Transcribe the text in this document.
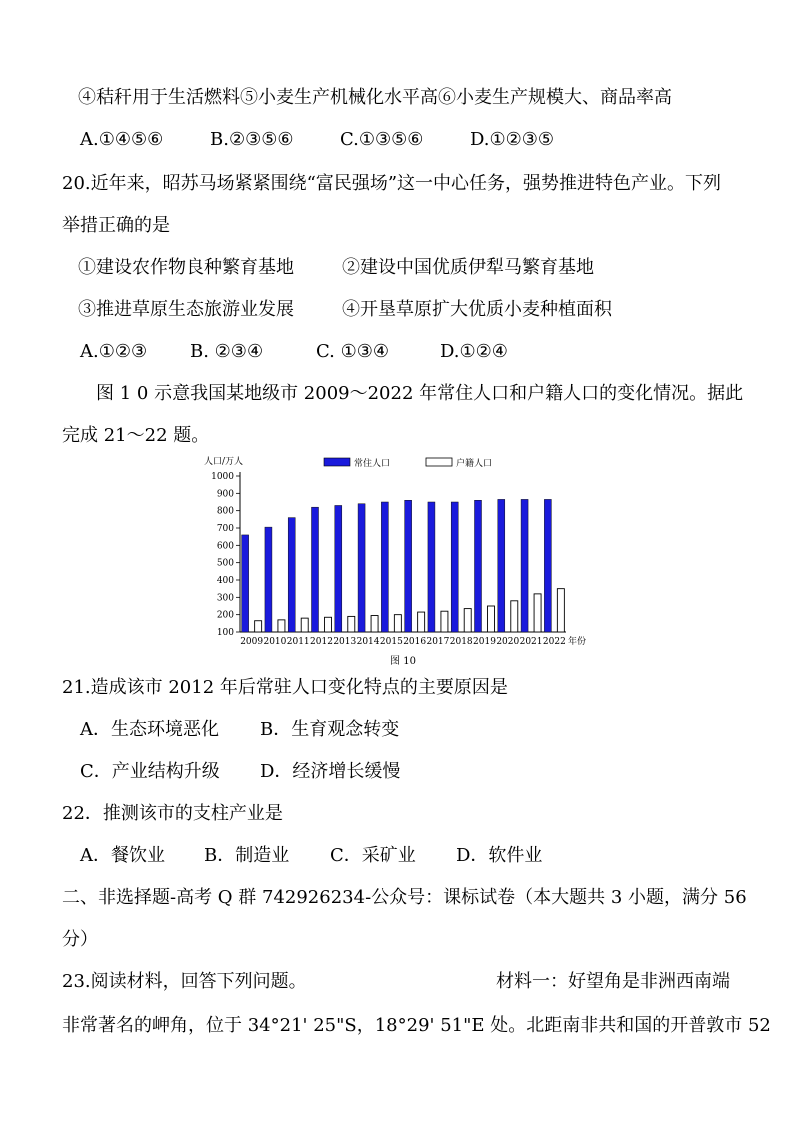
④秸秆用于生活燃料⑤小麦生产机械化水平高⑥小麦生产规模大、商品率高
A.①④⑤⑥	B.②③⑤⑥	C.①③⑤⑥	D.①②③⑤
20.近年来，昭苏马场紧紧围绕“富民强场”这一中心任务，强势推进特色产业。下列
举措正确的是
①建设农作物良种繁育基地	②建设中国优质伊犁马繁育基地
③推进草原生态旅游业发展	④开垦草原扩大优质小麦种植面积
A.①②③ B. ②③④	C. ①③④	D.①②④
图 1 0 示意我国某地级市 2009～2022 年常住人口和户籍人口的变化情况。据此
完成 21～22 题。
人口/万人	常住人口	户籍人口
100
200
300
400
500
600
700
800
900
1000
2009 2010 2011 2012 2013 2014 2015 2016 2017 2018 2019 2020 2021 2022 年份
图 10
21.造成该市 2012 年后常驻人口变化特点的主要原因是
A．生态环境恶化 B．生育观念转变
C．产业结构升级 D．经济增长缓慢
22．推测该市的支柱产业是
A．餐饮业 B．制造业 C．采矿业 D．软件业
二、非选择题-高考 Q 群 742926234-公众号：课标试卷（本大题共 3 小题，满分 56
分）
23.阅读材料，回答下列问题。	材料一：好望角是非洲西南端
非常著名的岬角，位于 34°21' 25"S，18°29' 51"E 处。北距南非共和国的开普敦市 52
